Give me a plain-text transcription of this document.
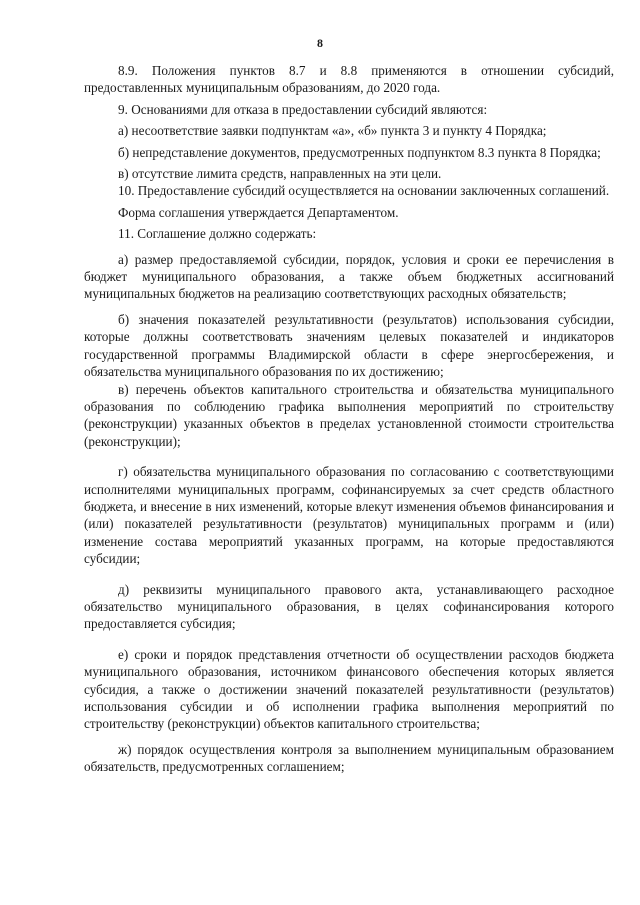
8

8.9. Положения пунктов 8.7 и 8.8 применяются в отношении субсидий, предоставленных муниципальным образованиям, до 2020 года.

9. Основаниями для отказа в предоставлении субсидий являются:

а) несоответствие заявки подпунктам «а», «б» пункта 3 и пункту 4 Порядка;

б) непредставление документов, предусмотренных подпунктом 8.3 пункта 8 Порядка;

в) отсутствие лимита средств, направленных на эти цели.

10. Предоставление субсидий осуществляется на основании заключенных соглашений.

Форма соглашения утверждается Департаментом.

11. Соглашение должно содержать:

а) размер предоставляемой субсидии, порядок, условия и сроки ее перечисления в бюджет муниципального образования, а также объем бюджетных ассигнований муниципальных бюджетов на реализацию соответствующих расходных обязательств;

б) значения показателей результативности (результатов) использования субсидии, которые должны соответствовать значениям целевых показателей и индикаторов государственной программы Владимирской области в сфере энергосбережения, и обязательства муниципального образования по их достижению;

в) перечень объектов капитального строительства и обязательства муниципального образования по соблюдению графика выполнения мероприятий по строительству (реконструкции) указанных объектов в пределах установленной стоимости строительства (реконструкции);

г) обязательства муниципального образования по согласованию с соответствующими исполнителями муниципальных программ, софинансируемых за счет средств областного бюджета, и внесение в них изменений, которые влекут изменения объемов финансирования и (или) показателей результативности (результатов) муниципальных программ и (или) изменение состава мероприятий указанных программ, на которые предоставляются субсидии;

д) реквизиты муниципального правового акта, устанавливающего расходное обязательство муниципального образования, в целях софинансирования которого предоставляется субсидия;

е) сроки и порядок представления отчетности об осуществлении расходов бюджета муниципального образования, источником финансового обеспечения которых является субсидия, а также о достижении значений показателей результативности (результатов) использования субсидии и об исполнении графика выполнения мероприятий по строительству (реконструкции) объектов капитального строительства;

ж) порядок осуществления контроля за выполнением муниципальным образованием обязательств, предусмотренных соглашением;
